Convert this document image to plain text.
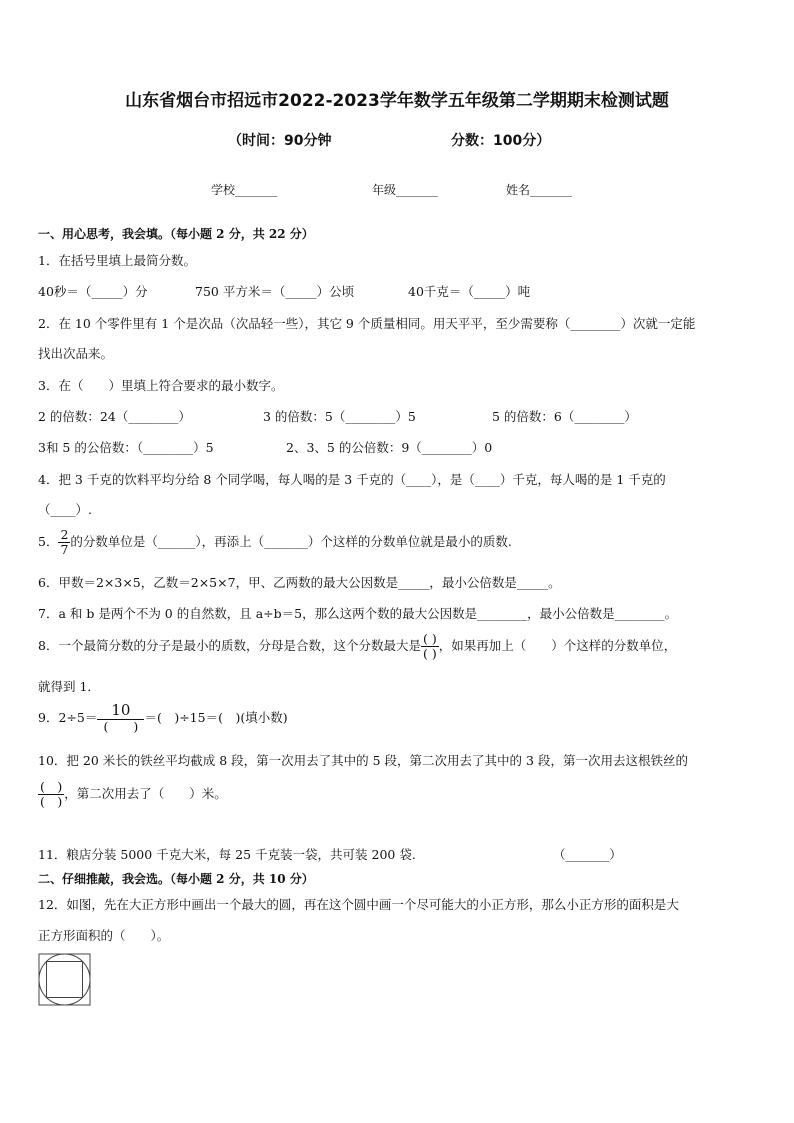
山东省烟台市招远市2022-2023学年数学五年级第二学期期末检测试题
（时间：90分钟	分数：100分）
学校_______	年级_______	姓名_______
一、用心思考，我会填。（每小题 2 分，共 22 分）
1．在括号里填上最简分数。
40秒＝（_____）分	750 平方米＝（_____）公顷	40千克＝（_____）吨
2．在 10 个零件里有 1 个是次品（次品轻一些），其它 9 个质量相同。用天平平，至少需要称（________）次就一定能
找出次品来。
3．在（　　）里填上符合要求的最小数字。
2 的倍数：24（________）	3 的倍数：5（________）5	5 的倍数：6（________）
3和 5 的公倍数：（________）5	2、3、5 的公倍数：9（________）0
4．把 3 千克的饮料平均分给 8 个同学喝，每人喝的是 3 千克的（____），是（____）千克，每人喝的是 1 千克的
（____）.
5． $\frac{2}{7}$ 的分数单位是（______），再添上（_______）个这样的分数单位就是最小的质数.
6．甲数＝2×3×5，乙数＝2×5×7，甲、乙两数的最大公因数是_____，最小公倍数是_____。
7．a 和 b 是两个不为 0 的自然数，且 a÷b＝5，那么这两个数的最大公因数是________，最小公倍数是________。
8．一个最简分数的分子是最小的质数，分母是合数，这个分数最大是 $\frac{( )}{( )}$ ，如果再加上（　　）个这样的分数单位，
就得到 1．
9．$2\div 5= \frac{10}{( )}$ ＝(　)÷15＝(　)(填小数)
10．把 20 米长的铁丝平均截成 8 段，第一次用去了其中的 5 段，第二次用去了其中的 3 段，第一次用去这根铁丝的
$\frac{( )}{( )}$ ，第二次用去了（　　）米。
11．粮店分装 5000 千克大米，每 25 千克装一袋，共可装 200 袋.	（_______）
二、仔细推敲，我会选。（每小题 2 分，共 10 分）
12．如图，先在大正方形中画出一个最大的圆，再在这个圆中画一个尽可能大的小正方形，那么小正方形的面积是大
正方形面积的（　　）。
